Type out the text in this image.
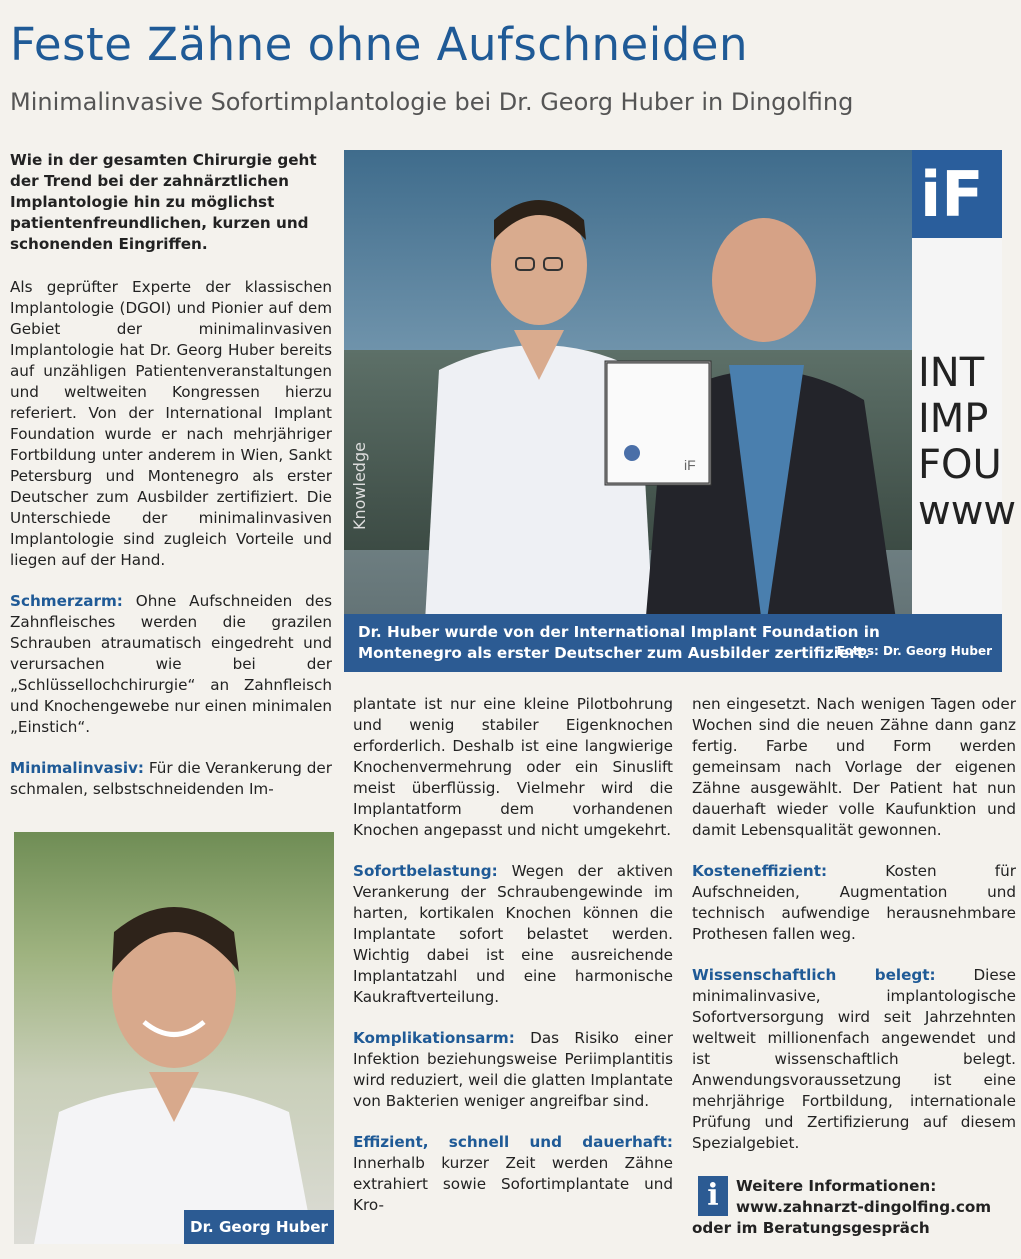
Feste Zähne ohne Aufschneiden
Minimalinvasive Sofortimplantologie bei Dr. Georg Huber in Dingolfing

Wie in der gesamten Chirurgie geht der Trend bei der zahnärztlichen Implantologie hin zu möglichst patientenfreundlichen, kurzen und schonenden Eingriffen.

Als geprüfter Experte der klassischen Implantologie (DGOI) und Pionier auf dem Gebiet der minimalinvasiven Implantologie hat Dr. Georg Huber bereits auf unzähligen Patientenveranstaltungen und weltweiten Kongressen hierzu referiert. Von der International Implant Foundation wurde er nach mehrjähriger Fortbildung unter anderem in Wien, Sankt Petersburg und Montenegro als erster Deutscher zum Ausbilder zertifiziert. Die Unterschiede der minimalinvasiven Implantologie sind zugleich Vorteile und liegen auf der Hand.

Schmerzarm: Ohne Aufschneiden des Zahnfleisches werden die grazilen Schrauben atraumatisch eingedreht und verursachen wie bei der „Schlüssellochchirurgie“ an Zahnfleisch und Knochengewebe nur einen minimalen „Einstich“.

Minimalinvasiv: Für die Verankerung der schmalen, selbstschneidenden Im-

iF
INT
IMP
FOU
www
Knowledge	iF
Dr. Huber wurde von der International Implant Foundation in Montenegro als erster Deutscher zum Ausbilder zertifiziert.
Fotos: Dr. Georg Huber
Dr. Georg Huber

plantate ist nur eine kleine Pilotbohrung und wenig stabiler Eigenknochen erforderlich. Deshalb ist eine langwierige Knochenvermehrung oder ein Sinuslift meist überflüssig. Vielmehr wird die Implantatform dem vorhandenen Knochen angepasst und nicht umgekehrt.

Sofortbelastung: Wegen der aktiven Verankerung der Schraubengewinde im harten, kortikalen Knochen können die Implantate sofort belastet werden. Wichtig dabei ist eine ausreichende Implantatzahl und eine harmonische Kaukraftverteilung.

Komplikationsarm: Das Risiko einer Infektion beziehungsweise Periimplantitis wird reduziert, weil die glatten Implantate von Bakterien weniger angreifbar sind.

Effizient, schnell und dauerhaft: Innerhalb kurzer Zeit werden Zähne extrahiert sowie Sofortimplantate und Kro-

nen eingesetzt. Nach wenigen Tagen oder Wochen sind die neuen Zähne dann ganz fertig. Farbe und Form werden gemeinsam nach Vorlage der eigenen Zähne ausgewählt. Der Patient hat nun dauerhaft wieder volle Kaufunktion und damit Lebensqualität gewonnen.

Kosteneffizient:	Kosten für Aufschneiden, Augmentation und technisch aufwendige herausnehmbare Prothesen fallen weg.

Wissenschaftlich belegt: Diese minimalinvasive, implantologische Sofortversorgung wird seit Jahrzehnten weltweit millionenfach angewendet und ist wissenschaftlich belegt. Anwendungsvoraussetzung ist eine mehrjährige Fortbildung, internationale Prüfung und Zertifizierung auf diesem Spezialgebiet.

i	Weitere Informationen:
www.zahnarzt-dingolfing.com
oder im Beratungsgespräch
